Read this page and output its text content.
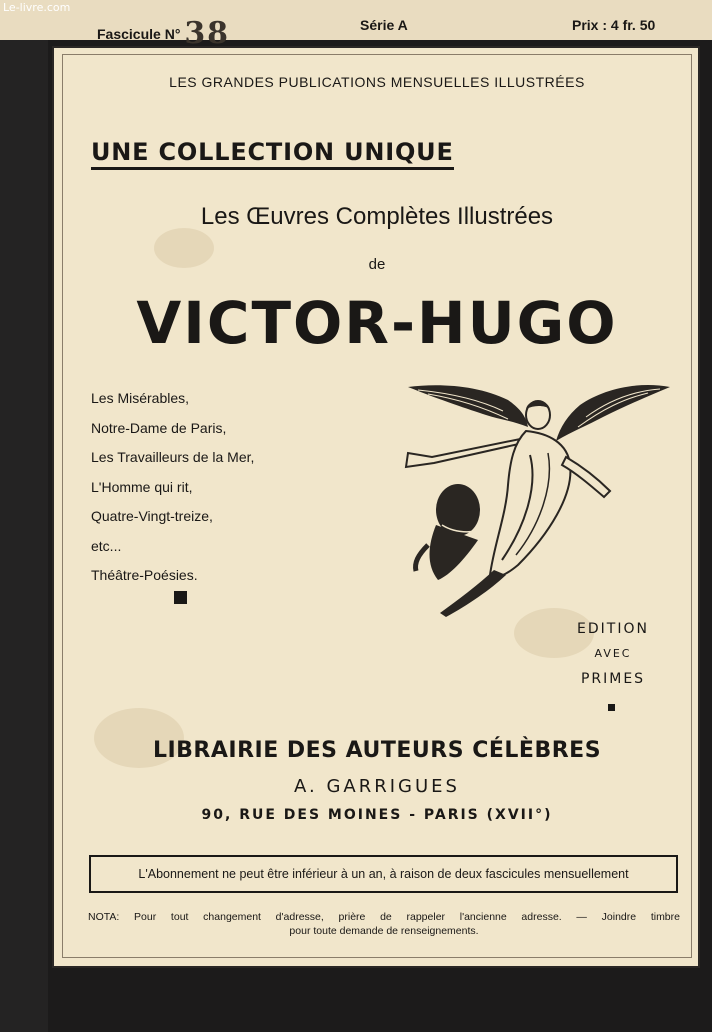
Le-livre.com
Fascicule N° 38	Série A	Prix : 4 fr. 50
LES GRANDES PUBLICATIONS MENSUELLES ILLUSTRÉES
UNE COLLECTION UNIQUE
Les Œuvres Complètes Illustrées
de
VICTOR-HUGO
Les Misérables,
Notre-Dame de Paris,
Les Travailleurs de la Mer,
L'Homme qui rit,
Quatre-Vingt-treize,
etc...
Théâtre-Poésies.
EDITION
AVEC
PRIMES
LIBRAIRIE DES AUTEURS CÉLÈBRES
A. GARRIGUES
90, RUE DES MOINES - PARIS (XVII°)
L'Abonnement ne peut être inférieur à un an, à raison de deux fascicules mensuellement
NOTA: Pour tout changement d'adresse, prière de rappeler l'ancienne adresse. — Joindre timbre
pour toute demande de renseignements.
